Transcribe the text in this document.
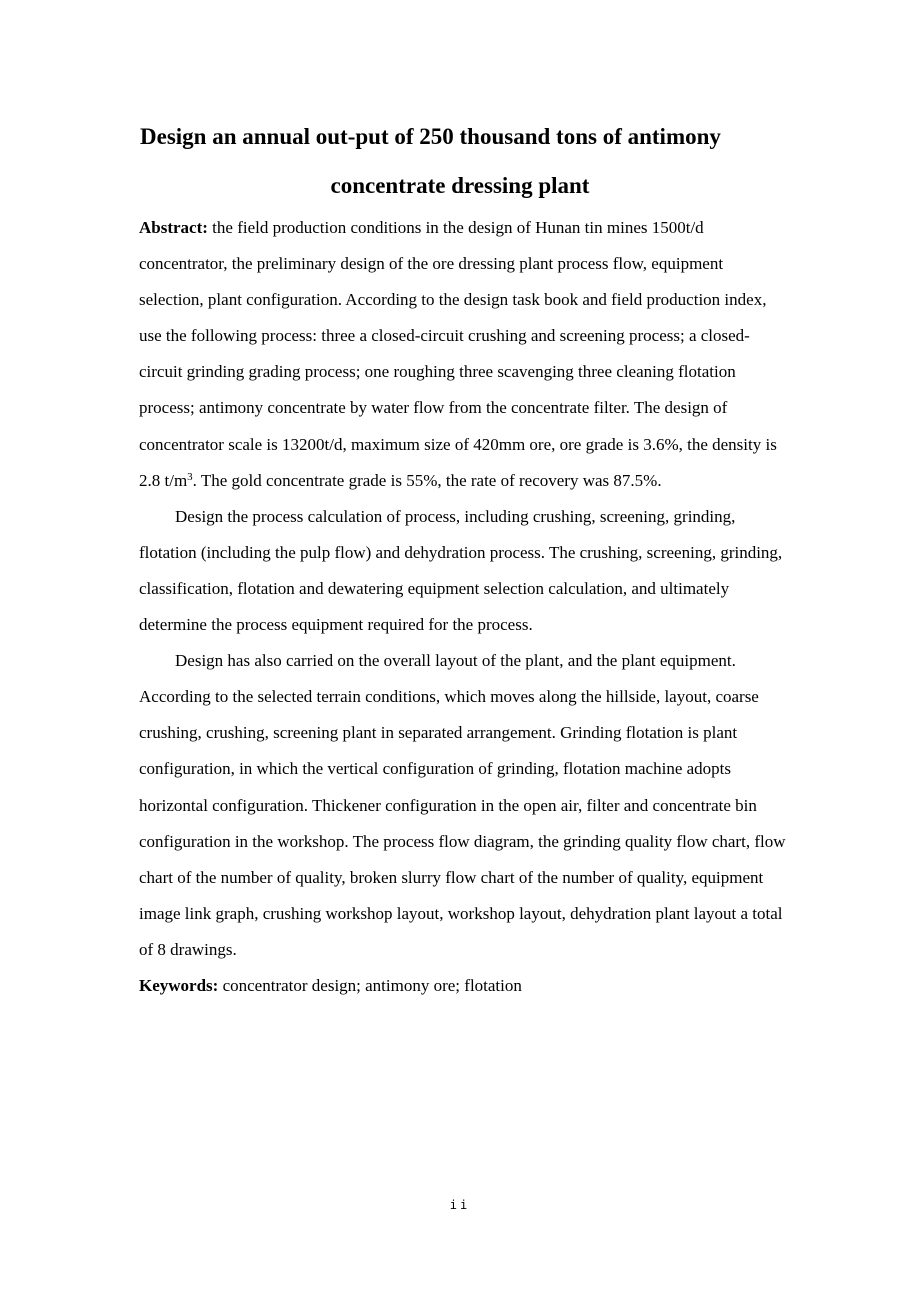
Design an annual out-put of 250 thousand tons of antimony
concentrate dressing plant

Abstract: the field production conditions in the design of Hunan tin mines 1500t/d concentrator, the preliminary design of the ore dressing plant process flow, equipment selection, plant configuration. According to the design task book and field production index, use the following process: three a closed-circuit crushing and screening process; a closed-circuit grinding grading process; one roughing three scavenging three cleaning flotation process; antimony concentrate by water flow from the concentrate filter. The design of concentrator scale is 13200t/d, maximum size of 420mm ore, ore grade is 3.6%, the density is 2.8 $t/m^3$. The gold concentrate grade is 55%, the rate of recovery was 87.5%.

Design the process calculation of process, including crushing, screening, grinding, flotation (including the pulp flow) and dehydration process. The crushing, screening, grinding, classification, flotation and dewatering equipment selection calculation, and ultimately determine the process equipment required for the process.

Design has also carried on the overall layout of the plant, and the plant equipment. According to the selected terrain conditions, which moves along the hillside, layout, coarse crushing, crushing, screening plant in separated arrangement. Grinding flotation is plant configuration, in which the vertical configuration of grinding, flotation machine adopts horizontal configuration. Thickener configuration in the open air, filter and concentrate bin configuration in the workshop. The process flow diagram, the grinding quality flow chart, flow chart of the number of quality, broken slurry flow chart of the number of quality, equipment image link graph, crushing workshop layout, workshop layout, dehydration plant layout a total of 8 drawings.

Keywords: concentrator design; antimony ore; flotation

ii
